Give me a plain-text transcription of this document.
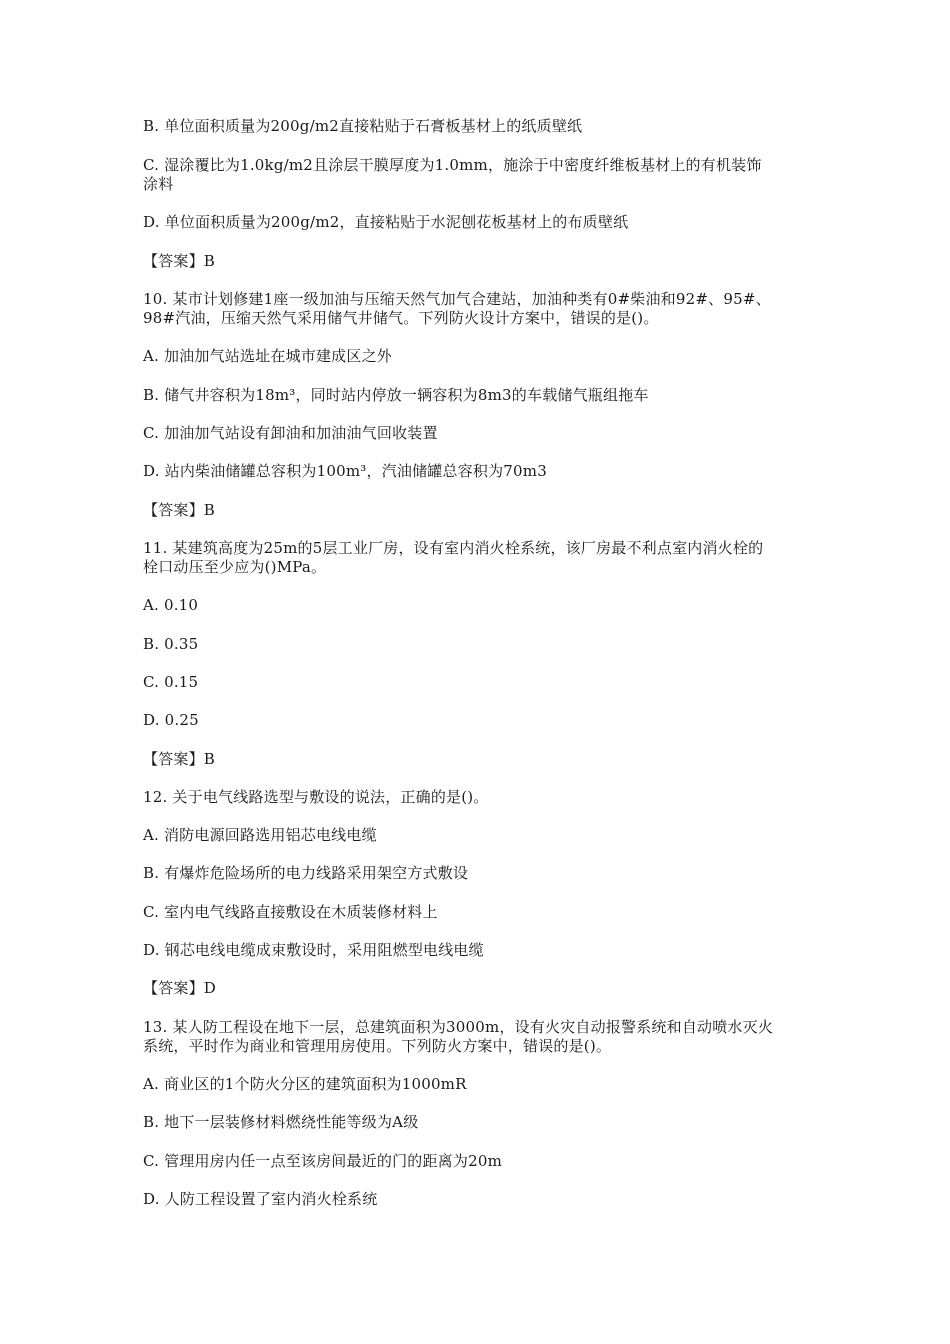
B. 单位面积质量为200g/m2直接粘贴于石膏板基材上的纸质壁纸
C. 湿涂覆比为1.0kg/m2且涂层干膜厚度为1.0mm，施涂于中密度纤维板基材上的有机装饰
涂料
D. 单位面积质量为200g/m2，直接粘贴于水泥刨花板基材上的布质壁纸
【答案】B
10. 某市计划修建1座一级加油与压缩天然气加气合建站，加油种类有0#柴油和92#、95#、
98#汽油，压缩天然气采用储气井储气。下列防火设计方案中，错误的是()。
A. 加油加气站选址在城市建成区之外
B. 储气井容积为18m³，同时站内停放一辆容积为8m3的车载储气瓶组拖车
C. 加油加气站设有卸油和加油油气回收装置
D. 站内柴油储罐总容积为100m³，汽油储罐总容积为70m3
【答案】B
11. 某建筑高度为25m的5层工业厂房，设有室内消火栓系统，该厂房最不利点室内消火栓的
栓口动压至少应为()MPa。
A. 0.10
B. 0.35
C. 0.15
D. 0.25
【答案】B
12. 关于电气线路选型与敷设的说法，正确的是()。
A. 消防电源回路选用铝芯电线电缆
B. 有爆炸危险场所的电力线路采用架空方式敷设
C. 室内电气线路直接敷设在木质装修材料上
D. 钢芯电线电缆成束敷设时，采用阻燃型电线电缆
【答案】D
13. 某人防工程设在地下一层，总建筑面积为3000m，设有火灾自动报警系统和自动喷水灭火
系统，平时作为商业和管理用房使用。下列防火方案中，错误的是()。
A. 商业区的1个防火分区的建筑面积为1000mR
B. 地下一层装修材料燃绕性能等级为A级
C. 管理用房内任一点至该房间最近的门的距离为20m
D. 人防工程设置了室内消火栓系统
